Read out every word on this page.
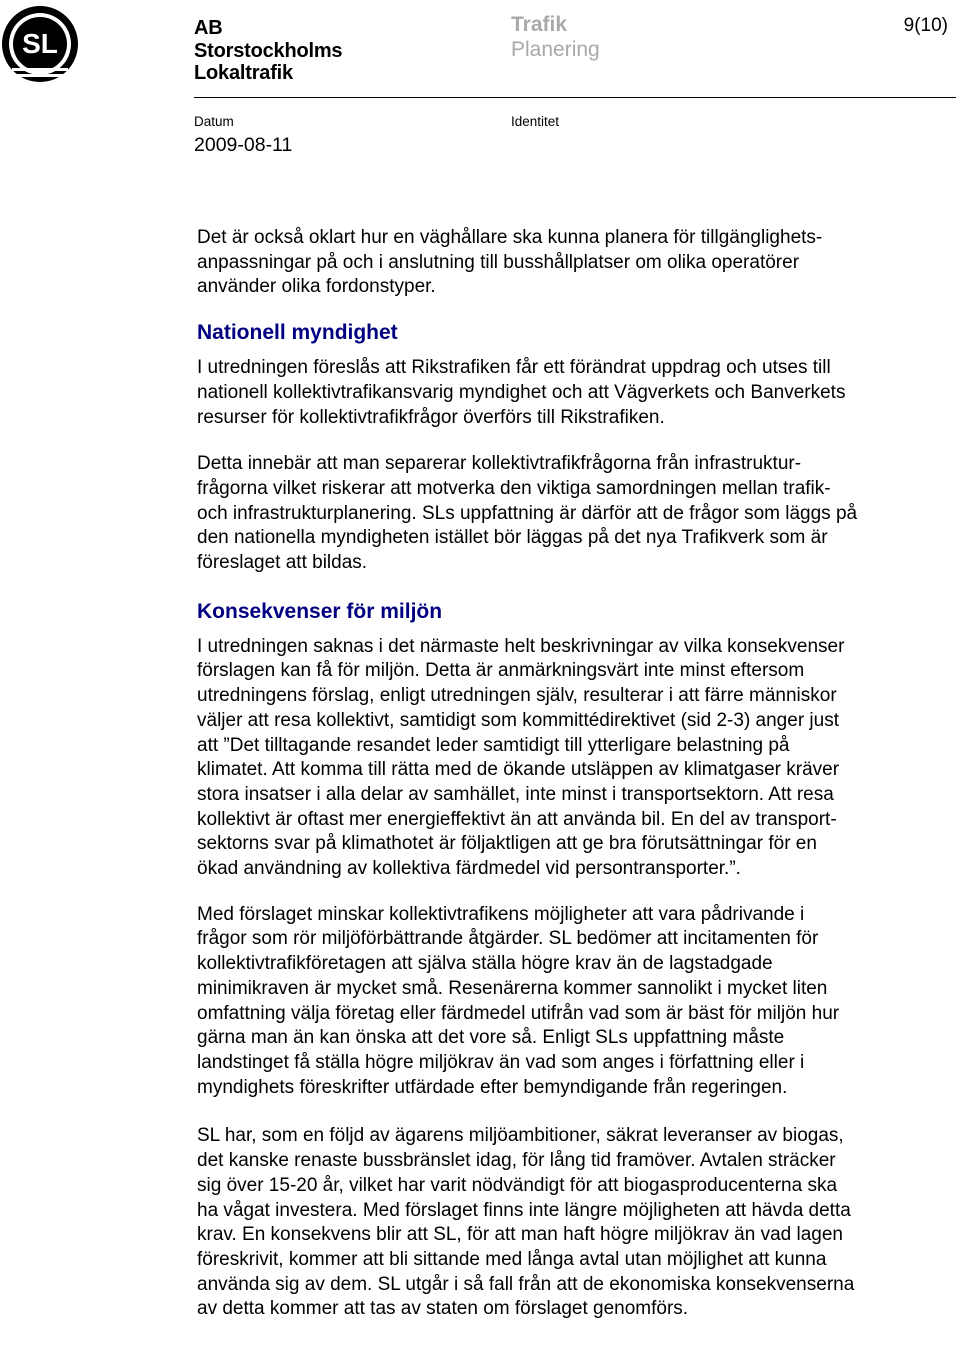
SL	AB
Storstockholms
Lokaltrafik
Trafik
Planering
9(10)
Datum
2009-08-11
Identitet

Det är också oklart hur en väghållare ska kunna planera för tillgänglighets-
anpassningar på och i anslutning till busshållplatser om olika operatörer
använder olika fordonstyper.

Nationell myndighet

I utredningen föreslås att Rikstrafiken får ett förändrat uppdrag och utses till
nationell kollektivtrafikansvarig myndighet och att Vägverkets och Banverkets
resurser för kollektivtrafikfrågor överförs till Rikstrafiken.

Detta innebär att man separerar kollektivtrafikfrågorna från infrastruktur-
frågorna vilket riskerar att motverka den viktiga samordningen mellan trafik-
och infrastrukturplanering. SLs uppfattning är därför att de frågor som läggs på
den nationella myndigheten istället bör läggas på det nya Trafikverk som är
föreslaget att bildas.

Konsekvenser för miljön

I utredningen saknas i det närmaste helt beskrivningar av vilka konsekvenser
förslagen kan få för miljön. Detta är anmärkningsvärt inte minst eftersom
utredningens förslag, enligt utredningen själv, resulterar i att färre människor
väljer att resa kollektivt, samtidigt som kommittédirektivet (sid 2-3) anger just
att ”Det tilltagande resandet leder samtidigt till ytterligare belastning på
klimatet. Att komma till rätta med de ökande utsläppen av klimatgaser kräver
stora insatser i alla delar av samhället, inte minst i transportsektorn. Att resa
kollektivt är oftast mer energieffektivt än att använda bil. En del av transport-
sektorns svar på klimathotet är följaktligen att ge bra förutsättningar för en
ökad användning av kollektiva färdmedel vid persontransporter.”.

Med förslaget minskar kollektivtrafikens möjligheter att vara pådrivande i
frågor som rör miljöförbättrande åtgärder. SL bedömer att incitamenten för
kollektivtrafikföretagen att själva ställa högre krav än de lagstadgade
minimikraven är mycket små. Resenärerna kommer sannolikt i mycket liten
omfattning välja företag eller färdmedel utifrån vad som är bäst för miljön hur
gärna man än kan önska att det vore så. Enligt SLs uppfattning måste
landstinget få ställa högre miljökrav än vad som anges i författning eller i
myndighets föreskrifter utfärdade efter bemyndigande från regeringen.

SL har, som en följd av ägarens miljöambitioner, säkrat leveranser av biogas,
det kanske renaste bussbränslet idag, för lång tid framöver. Avtalen sträcker
sig över 15-20 år, vilket har varit nödvändigt för att biogasproducenterna ska
ha vågat investera. Med förslaget finns inte längre möjligheten att hävda detta
krav. En konsekvens blir att SL, för att man haft högre miljökrav än vad lagen
föreskrivit, kommer att bli sittande med långa avtal utan möjlighet att kunna
använda sig av dem. SL utgår i så fall från att de ekonomiska konsekvenserna
av detta kommer att tas av staten om förslaget genomförs.
